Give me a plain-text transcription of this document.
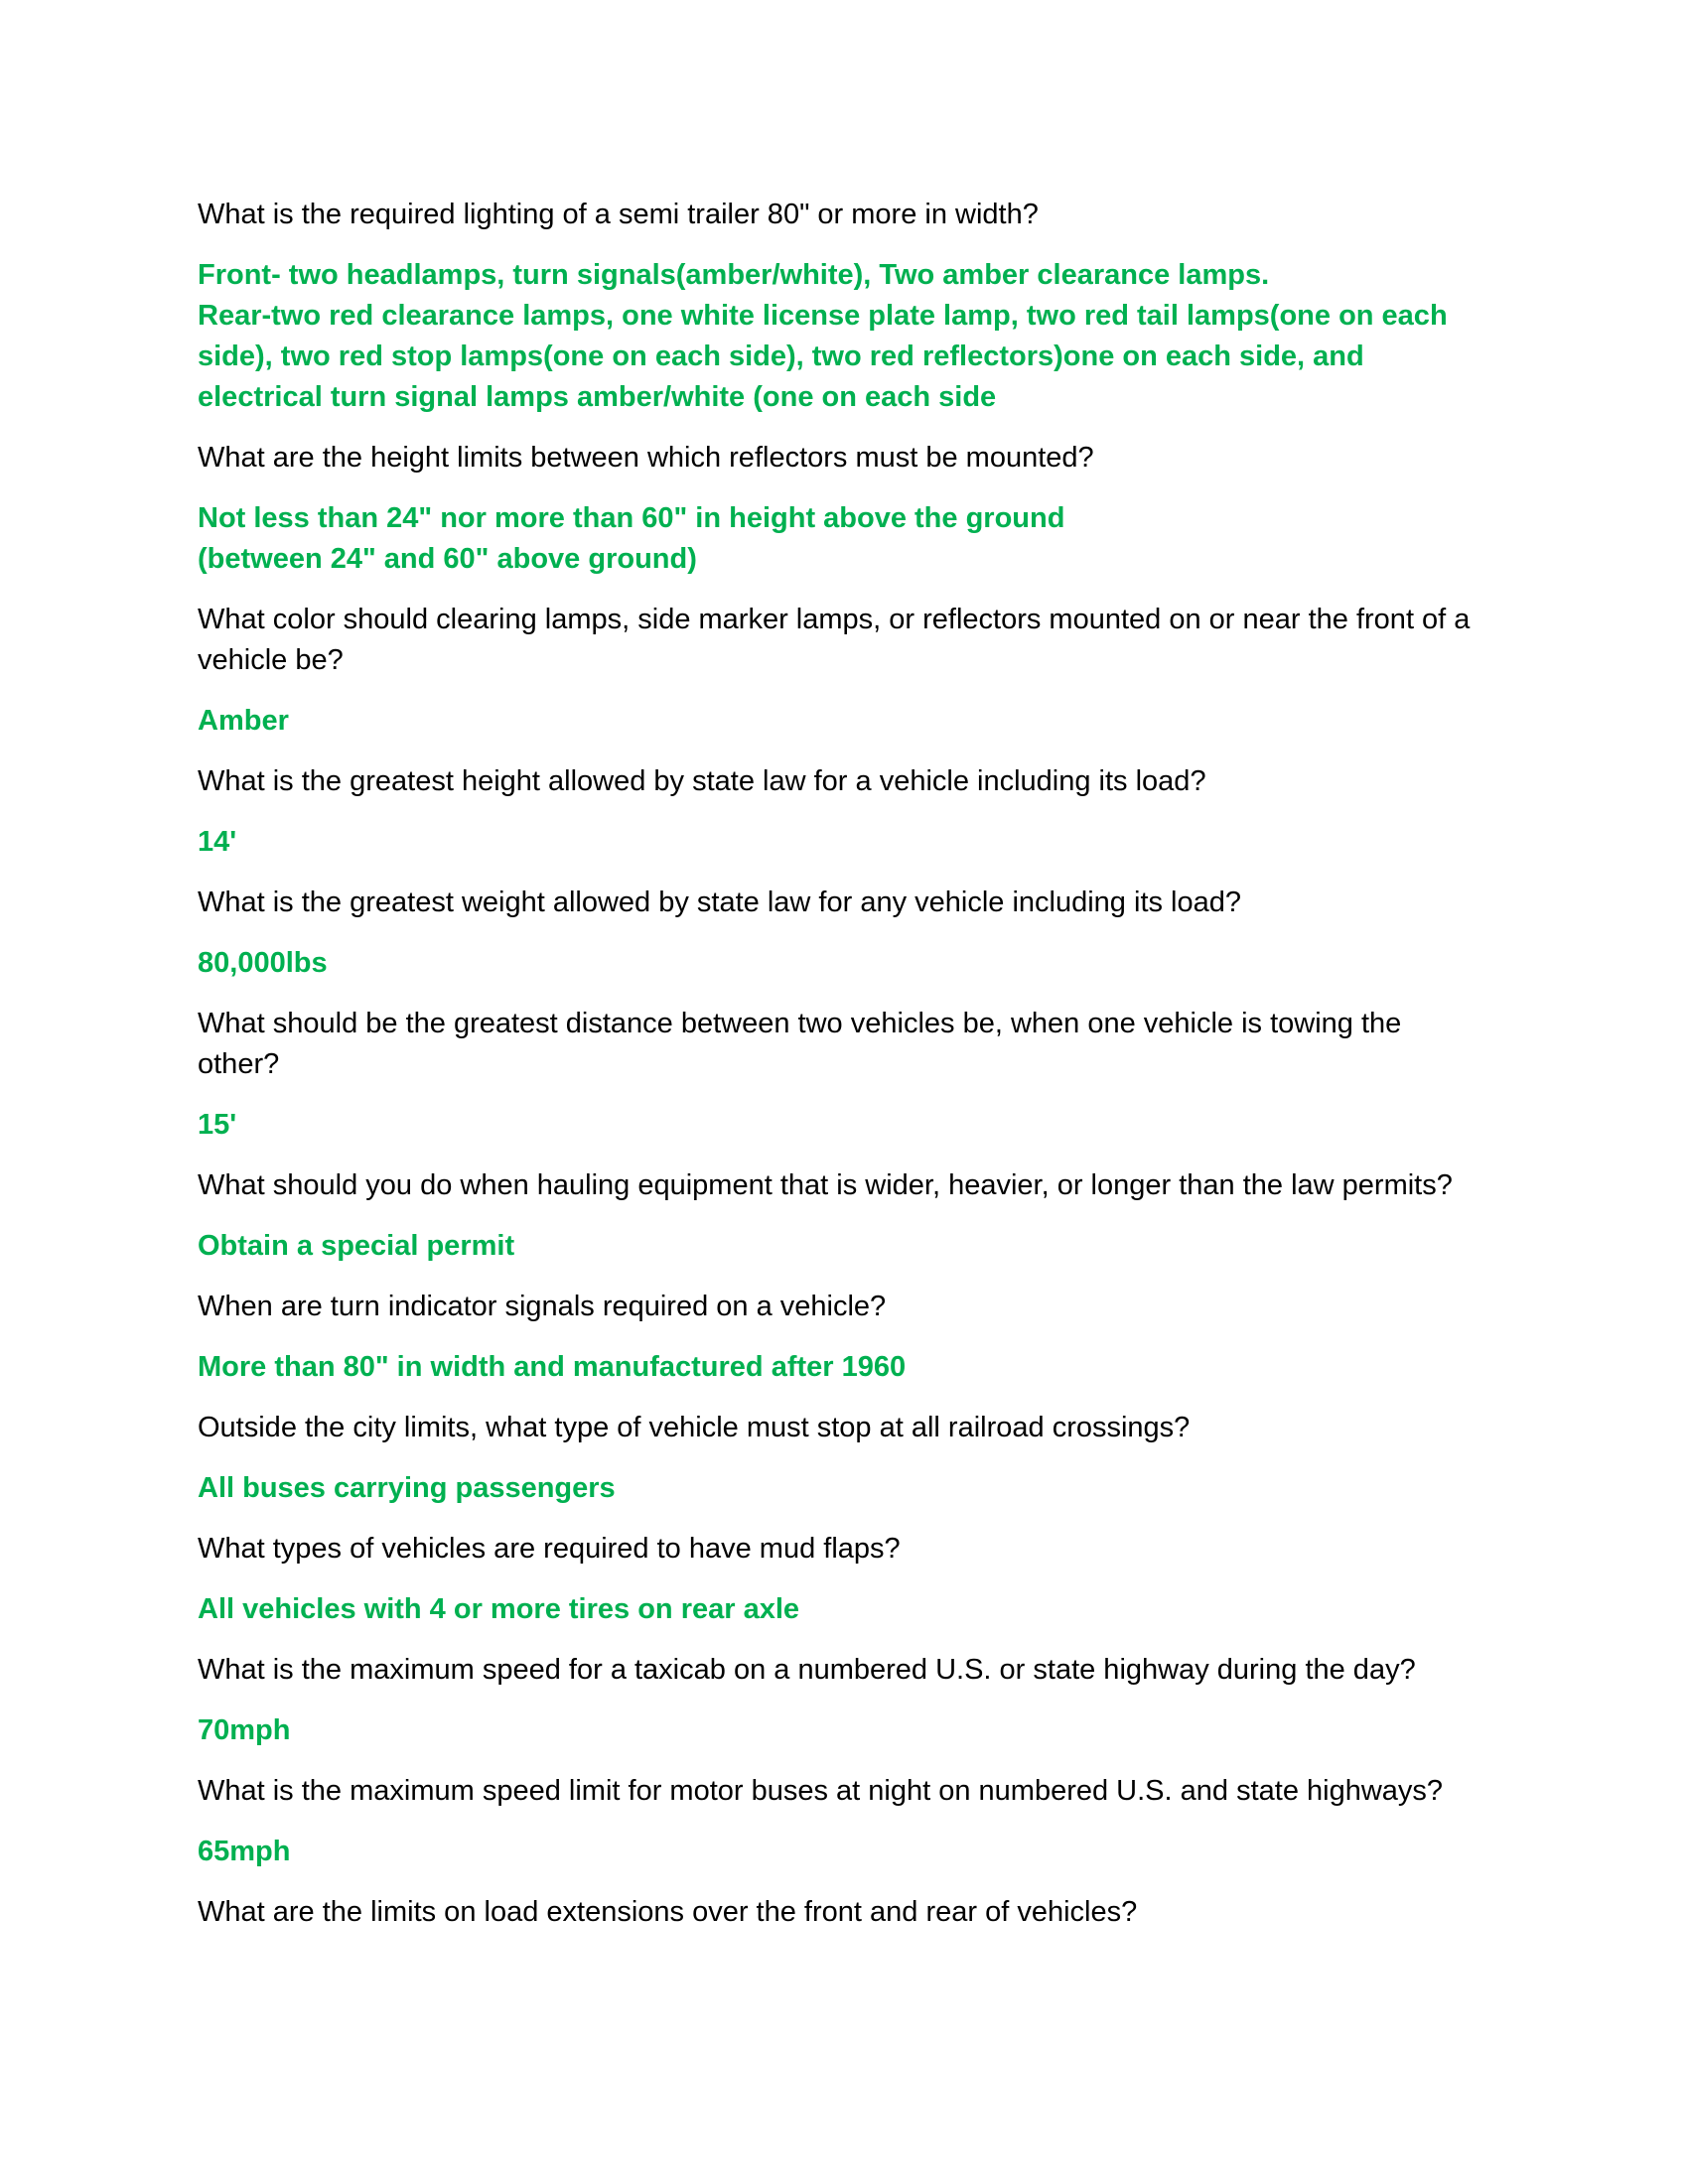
What is the required lighting of a semi trailer 80" or more in width?

Front- two headlamps, turn signals(amber/white), Two amber clearance lamps.
Rear-two red clearance lamps, one white license plate lamp, two red tail lamps(one on each side), two red stop lamps(one on each side), two red reflectors)one on each side, and electrical turn signal lamps amber/white (one on each side

What are the height limits between which reflectors must be mounted?

Not less than 24" nor more than 60" in height above the ground
(between 24" and 60" above ground)

What color should clearing lamps, side marker lamps, or reflectors mounted on or near the front of a vehicle be?

Amber

What is the greatest height allowed by state law for a vehicle including its load?

14'

What is the greatest weight allowed by state law for any vehicle including its load?

80,000lbs

What should be the greatest distance between two vehicles be, when one vehicle is towing the other?

15'

What should you do when hauling equipment that is wider, heavier, or longer than the law permits?

Obtain a special permit

When are turn indicator signals required on a vehicle?

More than 80" in width and manufactured after 1960

Outside the city limits, what type of vehicle must stop at all railroad crossings?

All buses carrying passengers

What types of vehicles are required to have mud flaps?

All vehicles with 4 or more tires on rear axle

What is the maximum speed for a taxicab on a numbered U.S. or state highway during the day?

70mph

What is the maximum speed limit for motor buses at night on numbered U.S. and state highways?

65mph

What are the limits on load extensions over the front and rear of vehicles?
